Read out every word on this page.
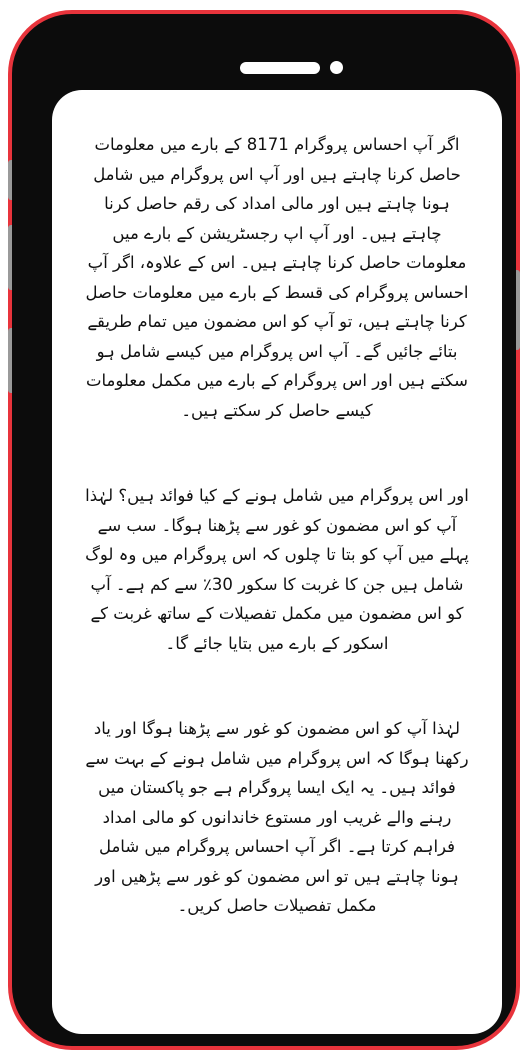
اگر آپ احساس پروگرام 8171 کے بارے میں معلومات حاصل کرنا چاہتے ہیں اور آپ اس پروگرام میں شامل ہونا چاہتے ہیں اور مالی امداد کی رقم حاصل کرنا چاہتے ہیں۔ اور آپ اپ رجسٹریشن کے بارے میں معلومات حاصل کرنا چاہتے ہیں۔ اس کے علاوہ، اگر آپ احساس پروگرام کی قسط کے بارے میں معلومات حاصل کرنا چاہتے ہیں، تو آپ کو اس مضمون میں تمام طریقے بتائے جائیں گے۔ آپ اس پروگرام میں کیسے شامل ہو سکتے ہیں اور اس پروگرام کے بارے میں مکمل معلومات کیسے حاصل کر سکتے ہیں۔

اور اس پروگرام میں شامل ہونے کے کیا فوائد ہیں؟ لہٰذا آپ کو اس مضمون کو غور سے پڑھنا ہوگا۔ سب سے پہلے میں آپ کو بتا تا چلوں کہ اس پروگرام میں وہ لوگ شامل ہیں جن کا غربت کا سکور 30٪ سے کم ہے۔ آپ کو اس مضمون میں مکمل تفصیلات کے ساتھ غربت کے اسکور کے بارے میں بتایا جائے گا۔

لہٰذا آپ کو اس مضمون کو غور سے پڑھنا ہوگا اور یاد رکھنا ہوگا کہ اس پروگرام میں شامل ہونے کے بہت سے فوائد ہیں۔ یہ ایک ایسا پروگرام ہے جو پاکستان میں رہنے والے غریب اور مستوع خاندانوں کو مالی امداد فراہم کرتا ہے۔ اگر آپ احساس پروگرام میں شامل ہونا چاہتے ہیں تو اس مضمون کو غور سے پڑھیں اور مکمل تفصیلات حاصل کریں۔
